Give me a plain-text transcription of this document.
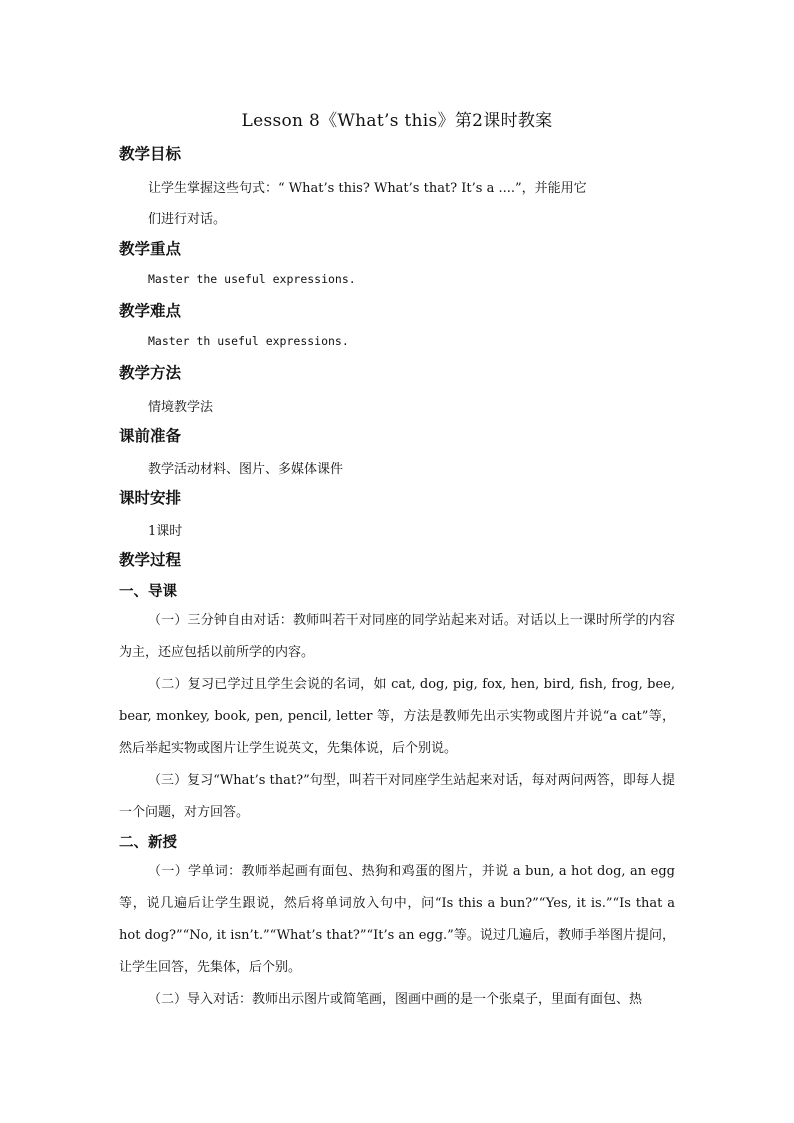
Lesson 8《What’s this》第2课时教案
教学目标

让学生掌握这些句式：“ What’s this? What’s that? It’s a ....”，并能用它

们进行对话。

教学重点

Master the useful expressions.

教学难点

Master th useful expressions.

教学方法

情境教学法

课前准备

教学活动材料、图片、多媒体课件

课时安排

1课时

教学过程
一、导课

（一）三分钟自由对话：教师叫若干对同座的同学站起来对话。对话以上一课时所学的内容为主，还应包括以前所学的内容。

（二）复习已学过且学生会说的名词，如 cat, dog, pig, fox, hen, bird, fish, frog, bee, bear, monkey, book, pen, pencil, letter 等，方法是教师先出示实物或图片并说“a cat”等，然后举起实物或图片让学生说英文，先集体说，后个别说。

（三）复习“What’s that?”句型，叫若干对同座学生站起来对话，每对两问两答，即每人提一个问题，对方回答。

二、新授

（一）学单词：教师举起画有面包、热狗和鸡蛋的图片，并说 a bun, a hot dog, an egg 等，说几遍后让学生跟说，然后将单词放入句中，问“Is this a bun?”“Yes, it is.”“Is that a hot dog?”“No, it isn’t.”“What’s that?”“It’s an egg.”等。说过几遍后，教师手举图片提问，让学生回答，先集体，后个别。

（二）导入对话：教师出示图片或简笔画，图画中画的是一个张桌子，里面有面包、热
